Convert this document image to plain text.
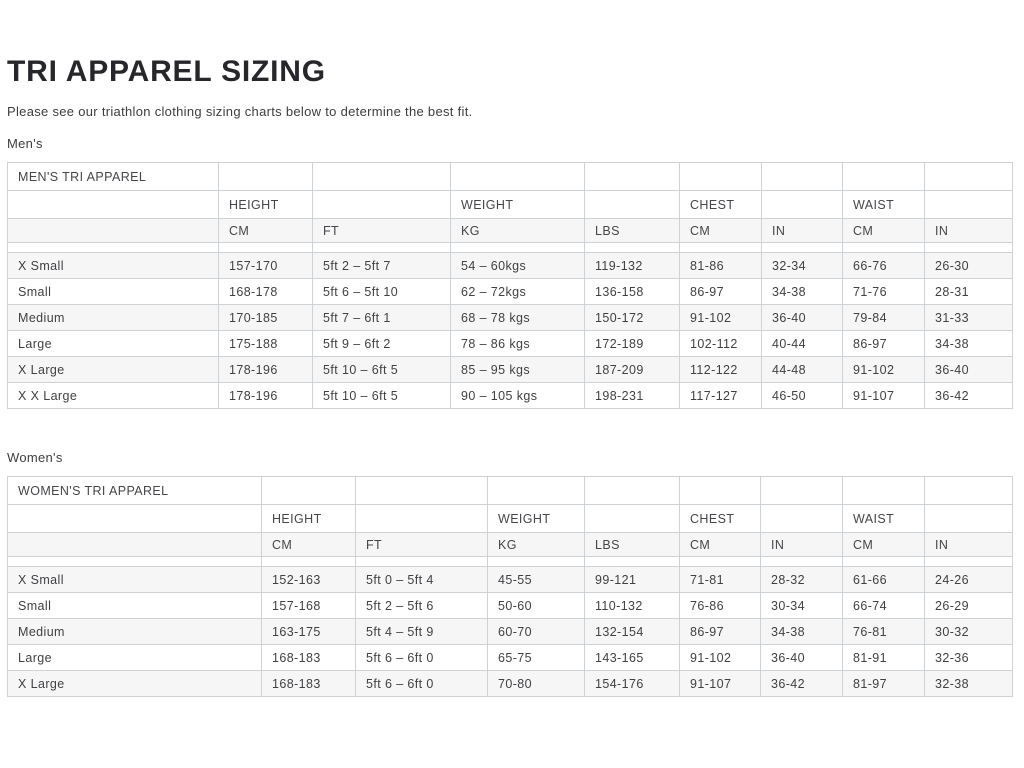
TRI APPAREL SIZING

Please see our triathlon clothing sizing charts below to determine the best fit.

Men's

MEN'S TRI APPAREL								
	HEIGHT		WEIGHT		CHEST		WAIST	
	CM	FT	KG	LBS	CM	IN	CM	IN

X Small	157-170	5ft 2 – 5ft 7	54 – 60kgs	119-132	81-86	32-34	66-76	26-30
Small	168-178	5ft 6 – 5ft 10	62 – 72kgs	136-158	86-97	34-38	71-76	28-31
Medium	170-185	5ft 7 – 6ft 1	68 – 78 kgs	150-172	91-102	36-40	79-84	31-33
Large	175-188	5ft 9 – 6ft 2	78 – 86 kgs	172-189	102-112	40-44	86-97	34-38
X Large	178-196	5ft 10 – 6ft 5	85 – 95 kgs	187-209	112-122	44-48	91-102	36-40
X X Large	178-196	5ft 10 – 6ft 5	90 – 105 kgs	198-231	117-127	46-50	91-107	36-42

Women's

WOMEN'S TRI APPAREL								
	HEIGHT		WEIGHT		CHEST		WAIST	
	CM	FT	KG	LBS	CM	IN	CM	IN

X Small	152-163	5ft 0 – 5ft 4	45-55	99-121	71-81	28-32	61-66	24-26
Small	157-168	5ft 2 – 5ft 6	50-60	110-132	76-86	30-34	66-74	26-29
Medium	163-175	5ft 4 – 5ft 9	60-70	132-154	86-97	34-38	76-81	30-32
Large	168-183	5ft 6 – 6ft 0	65-75	143-165	91-102	36-40	81-91	32-36
X Large	168-183	5ft 6 – 6ft 0	70-80	154-176	91-107	36-42	81-97	32-38
